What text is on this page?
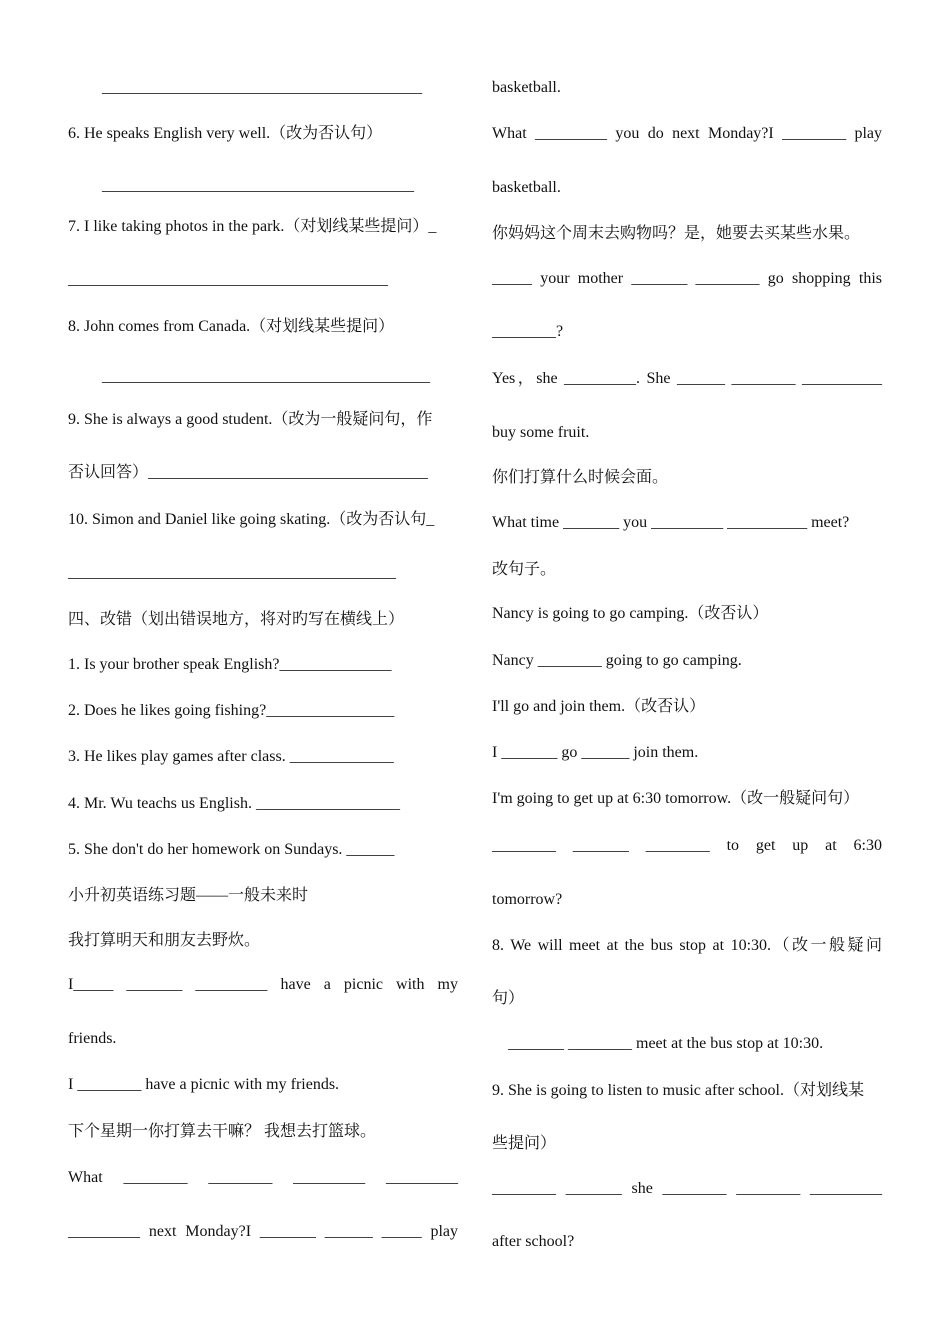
________________________________________
6. He speaks English very well.（改为否认句）
_______________________________________
7. I like taking photos in the park.（对划线某些提问）_
________________________________________
8. John comes from Canada.（对划线某些提问）
_________________________________________
9. She is always a good student.（改为一般疑问句，作
否认回答）___________________________________
10. Simon and Daniel like going skating.（改为否认句_
_________________________________________
四、改错（划出错误地方，将对旳写在横线上）
1. Is your brother speak English?______________
2. Does he likes going fishing?________________
3. He likes play games after class. _____________
4. Mr. Wu teachs us English. __________________
5. She don't do her homework on Sundays. ______
小升初英语练习题——一般未来时
我打算明天和朋友去野炊。
I_____ _______ _________ have a picnic with my
friends.
I ________ have a picnic with my friends.
下个星期一你打算去干嘛？ 我想去打篮球。
What ________ ________ _________ _________
_________ next Monday?I _______ ______ _____ play
basketball.
What _________ you do next Monday?I ________ play
basketball.
你妈妈这个周末去购物吗？是，她要去买某些水果。
_____ your mother _______ ________ go shopping this
________?
Yes，she _________. She ______ ________ __________
buy some fruit.
你们打算什么时候会面。
What time _______ you _________ __________ meet?
改句子。
Nancy is going to go camping.（改否认）
Nancy ________ going to go camping.
I'll go and join them.（改否认）
I _______ go ______ join them.
I'm going to get up at 6:30 tomorrow.（改一般疑问句）
________ _______ ________ to get up at 6:30
tomorrow?
8. We will meet at the bus stop at 10:30.（改一般疑问
句）
_______ ________ meet at the bus stop at 10:30.
9. She is going to listen to music after school.（对划线某
些提问）
________ _______ she ________ ________ _________
after school?
